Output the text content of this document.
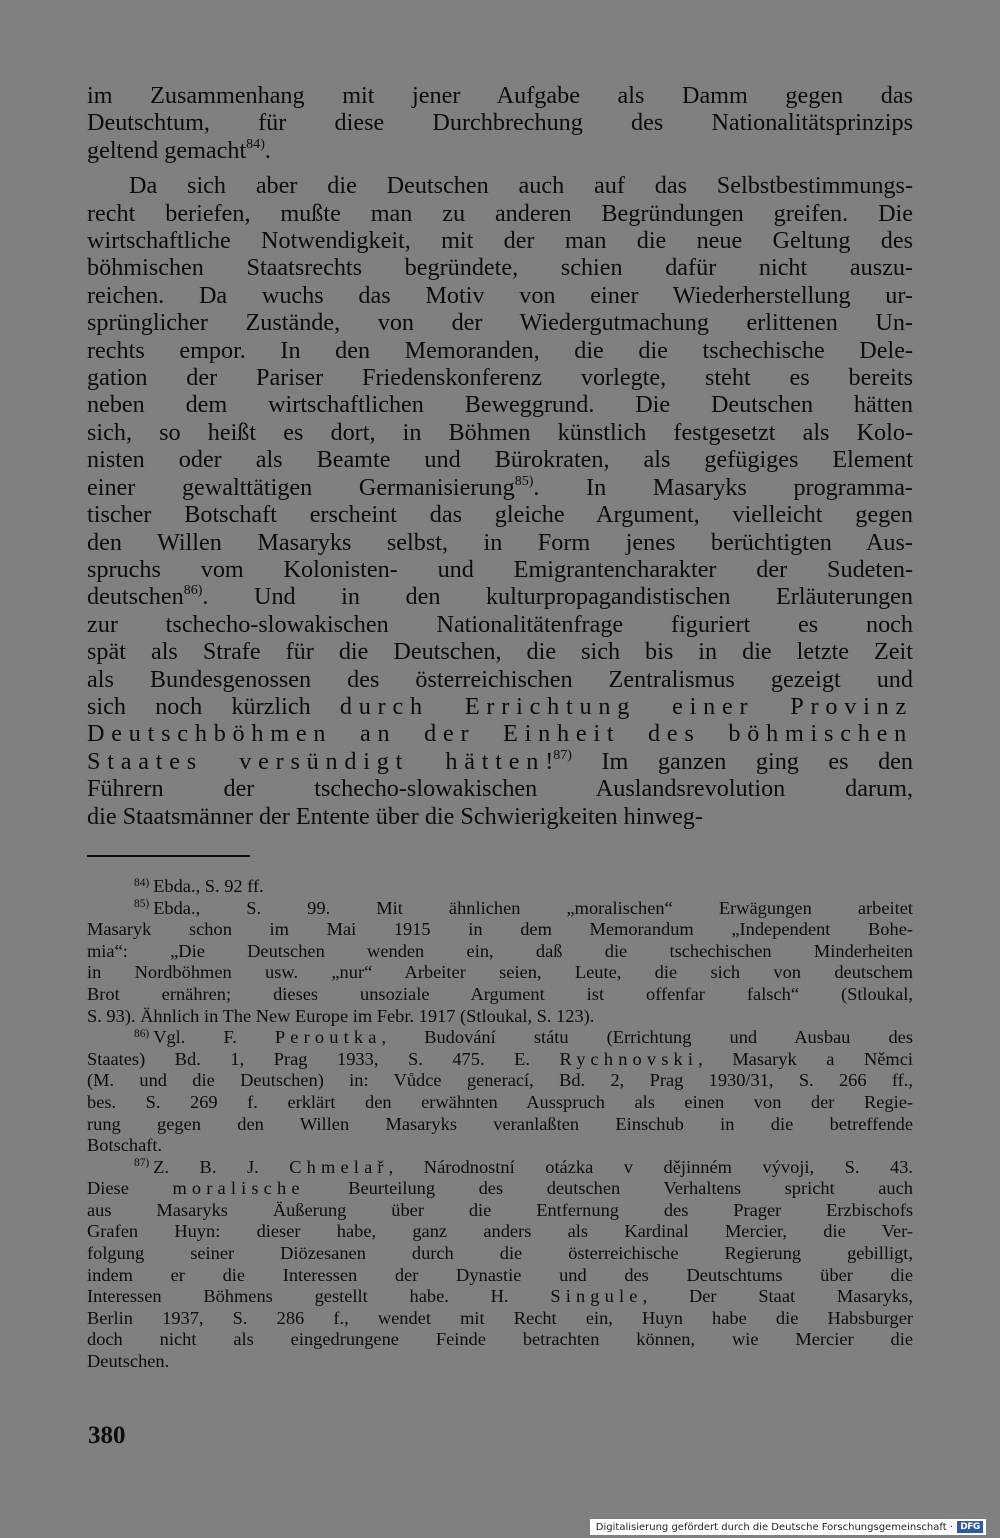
im Zusammenhang mit jener Aufgabe als Damm gegen das
Deutschtum, für diese Durchbrechung des Nationalitätsprinzips
geltend gemacht$^{84)}$.

Da sich aber die Deutschen auch auf das Selbstbestimmungs-
recht beriefen, mußte man zu anderen Begründungen greifen. Die
wirtschaftliche Notwendigkeit, mit der man die neue Geltung des
böhmischen Staatsrechts begründete, schien dafür nicht auszu-
reichen. Da wuchs das Motiv von einer Wiederherstellung ur-
sprünglicher Zustände, von der Wiedergutmachung erlittenen Un-
rechts empor. In den Memoranden, die die tschechische Dele-
gation der Pariser Friedenskonferenz vorlegte, steht es bereits
neben dem wirtschaftlichen Beweggrund. Die Deutschen hätten
sich, so heißt es dort, in Böhmen künstlich festgesetzt als Kolo-
nisten oder als Beamte und Bürokraten, als gefügiges Element
einer gewalttätigen Germanisierung$^{85)}$. In Masaryks programma-
tischer Botschaft erscheint das gleiche Argument, vielleicht gegen
den Willen Masaryks selbst, in Form jenes berüchtigten Aus-
spruchs vom Kolonisten- und Emigrantencharakter der Sudeten-
deutschen$^{86)}$. Und in den kulturpropagandistischen Erläuterungen
zur tschecho-slowakischen Nationalitätenfrage figuriert es noch
spät als Strafe für die Deutschen, die sich bis in die letzte Zeit
als Bundesgenossen des österreichischen Zentralismus gezeigt und
sich noch kürzlich durch Errichtung einer Provinz
Deutschböhmen an der Einheit des böhmischen
Staates versündigt hätten!$^{87)}$ Im ganzen ging es den
Führern der tschecho-slowakischen Auslandsrevolution darum,
die Staatsmänner der Entente über die Schwierigkeiten hinweg-

$^{84)}$ Ebda., S. 92 ff.
$^{85)}$ Ebda., S. 99. Mit ähnlichen „moralischen“ Erwägungen arbeitet
Masaryk schon im Mai 1915 in dem Memorandum „Independent Bohe-
mia“: „Die Deutschen wenden ein, daß die tschechischen Minderheiten
in Nordböhmen usw. „nur“ Arbeiter seien, Leute, die sich von deutschem
Brot ernähren; dieses unsoziale Argument ist offenfar falsch“ (Stloukal,
S. 93). Ähnlich in The New Europe im Febr. 1917 (Stloukal, S. 123).
$^{86)}$ Vgl. F. Peroutka, Budování státu (Errichtung und Ausbau des
Staates) Bd. 1, Prag 1933, S. 475. E. Rychnovski, Masaryk a Němci
(M. und die Deutschen) in: Vůdce generací, Bd. 2, Prag 1930/31, S. 266 ff.,
bes. S. 269 f. erklärt den erwähnten Ausspruch als einen von der Regie-
rung gegen den Willen Masaryks veranlaßten Einschub in die betreffende
Botschaft.
$^{87)}$ Z. B. J. Chmelař, Národnostní otázka v dějinném vývoji, S. 43.
Diese moralische Beurteilung des deutschen Verhaltens spricht auch
aus Masaryks Äußerung über die Entfernung des Prager Erzbischofs
Grafen Huyn: dieser habe, ganz anders als Kardinal Mercier, die Ver-
folgung seiner Diözesanen durch die österreichische Regierung gebilligt,
indem er die Interessen der Dynastie und des Deutschtums über die
Interessen Böhmens gestellt habe. H. Singule, Der Staat Masaryks,
Berlin 1937, S. 286 f., wendet mit Recht ein, Huyn habe die Habsburger
doch nicht als eingedrungene Feinde betrachten können, wie Mercier die
Deutschen.
380
Digitalisierung gefördert durch die Deutsche Forschungsgemeinschaft · DFG
